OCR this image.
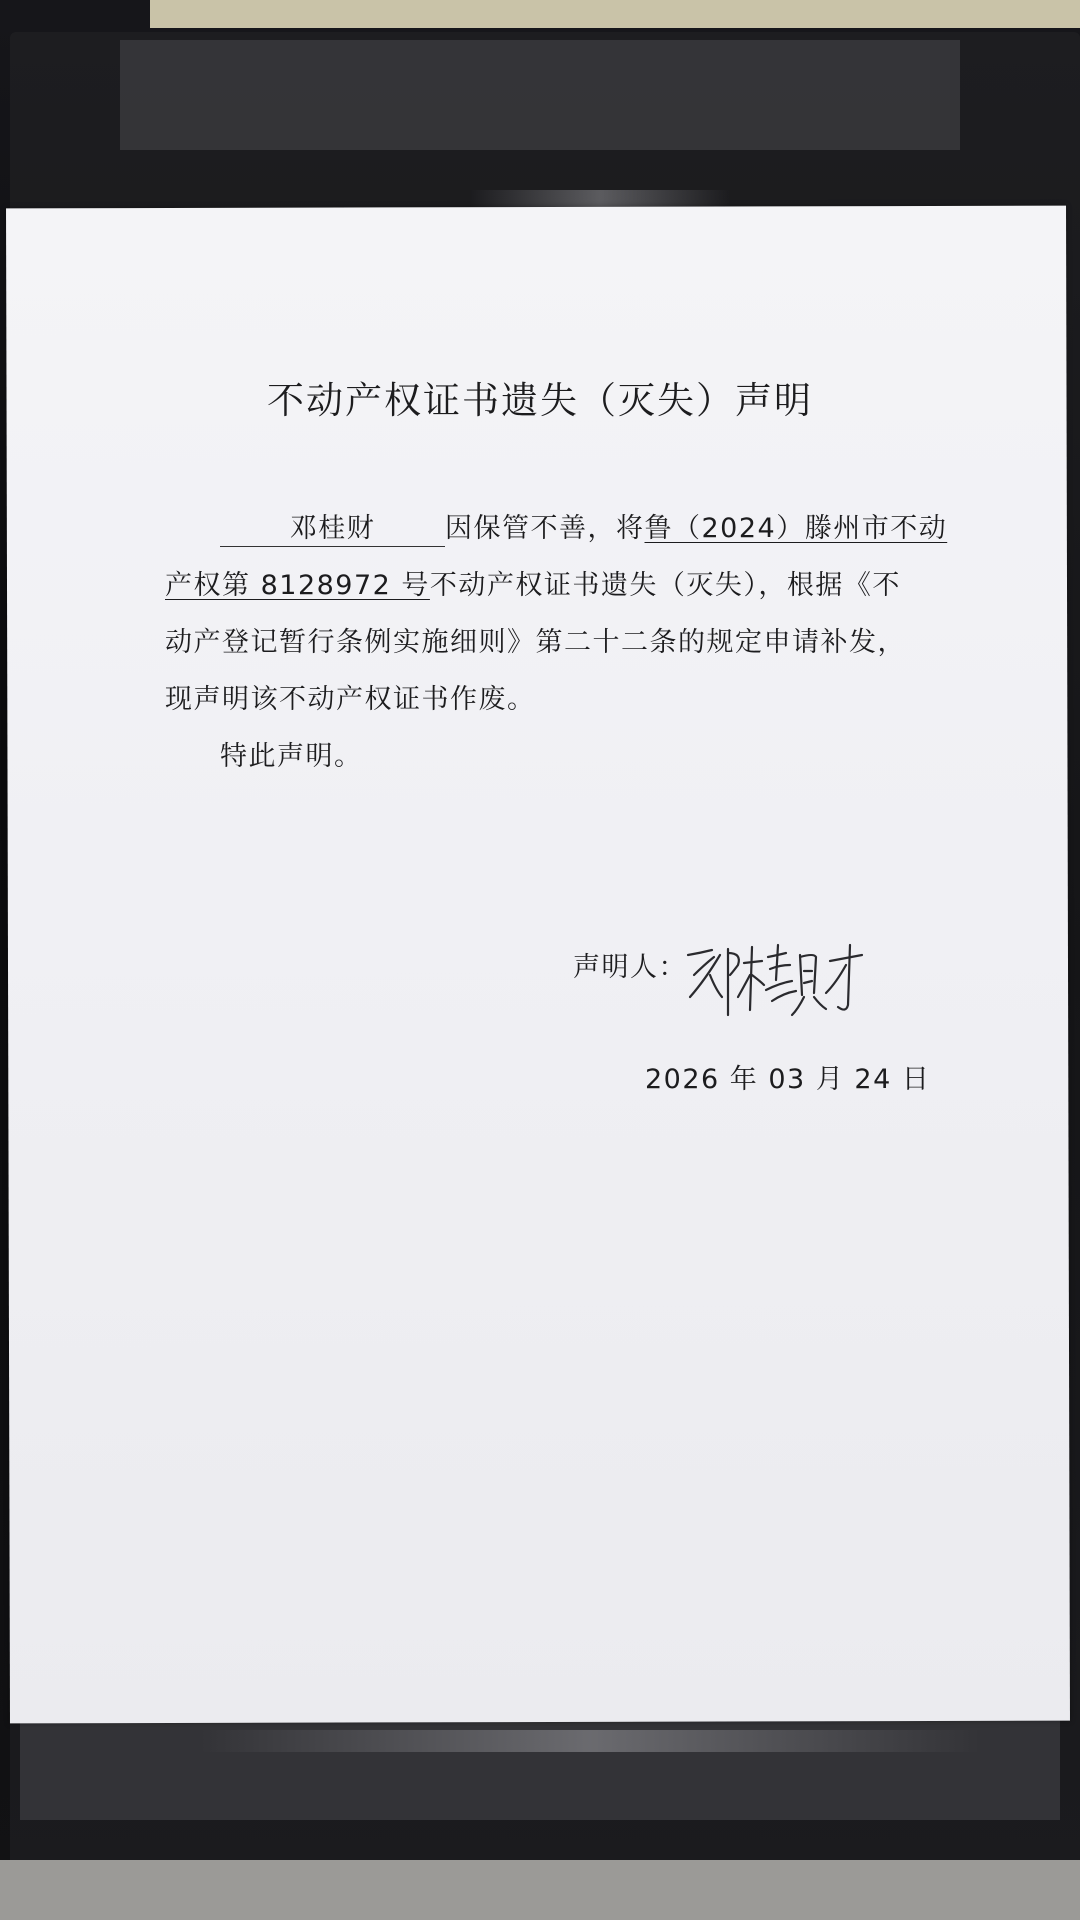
不动产权证书遗失（灭失）声明
邓桂财	因保管不善，将鲁（2024）滕州市不动
产权第 8128972 号不动产权证书遗失（灭失），根据《不
动产登记暂行条例实施细则》第二十二条的规定申请补发，
现声明该不动产权证书作废。
特此声明。
声明人：
2026 年 03 月 24 日
